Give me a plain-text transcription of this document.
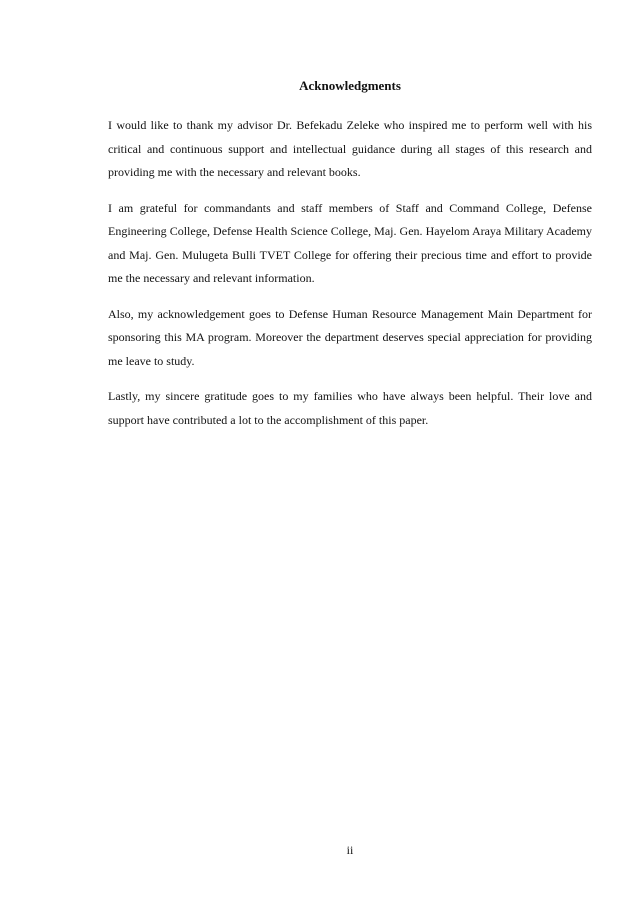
Acknowledgments

I would like to thank my advisor Dr. Befekadu Zeleke who inspired me to perform well with his critical and continuous support and intellectual guidance during all stages of this research and providing me with the necessary and relevant books.

I am grateful for commandants and staff members of Staff and Command College, Defense Engineering College, Defense Health Science College, Maj. Gen. Hayelom Araya Military Academy and Maj. Gen. Mulugeta Bulli TVET College for offering their precious time and effort to provide me the necessary and relevant information.

Also, my acknowledgement goes to Defense Human Resource Management Main Department for sponsoring this MA program. Moreover the department deserves special appreciation for providing me leave to study.

Lastly, my sincere gratitude goes to my families who have always been helpful. Their love and support have contributed a lot to the accomplishment of this paper.

ii
